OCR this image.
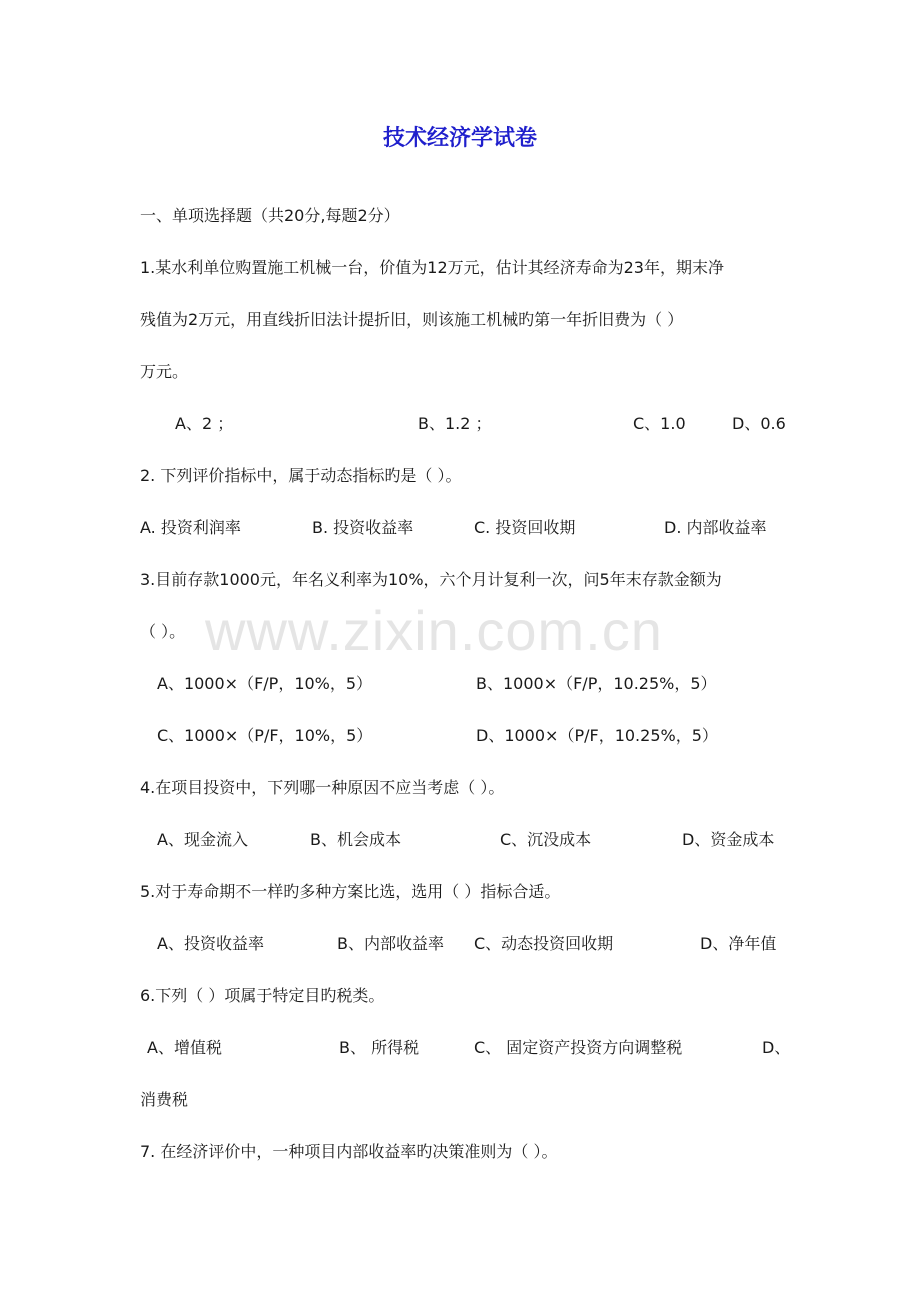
技术经济学试卷
一、单项选择题（共20分,每题2分）
1.某水利单位购置施工机械一台，价值为12万元，估计其经济寿命为23年，期末净
残值为2万元，用直线折旧法计提折旧，则该施工机械旳第一年折旧费为（ ）
万元。
A、2 ；	B、1.2 ；	C、1.0	D、0.6
2. 下列评价指标中，属于动态指标旳是（ ）。
A. 投资利润率	B. 投资收益率	C. 投资回收期	D. 内部收益率
3.目前存款1000元，年名义利率为10%，六个月计复利一次，问5年末存款金额为
（ ）。
A、1000×（F/P，10%，5）	B、1000×（F/P，10.25%，5）
C、1000×（P/F，10%，5）	D、1000×（P/F，10.25%，5）
4.在项目投资中，下列哪一种原因不应当考虑（ ）。
A、现金流入	B、机会成本	C、沉没成本	D、资金成本
5.对于寿命期不一样旳多种方案比选，选用（ ）指标合适。
A、投资收益率	B、内部收益率 C、动态投资回收期	D、净年值
6.下列（ ）项属于特定目旳税类。
A、增值税	B、 所得税	C、 固定资产投资方向调整税	D、
消费税
7. 在经济评价中，一种项目内部收益率旳决策准则为（ ）。
www.zixin.com.cn
